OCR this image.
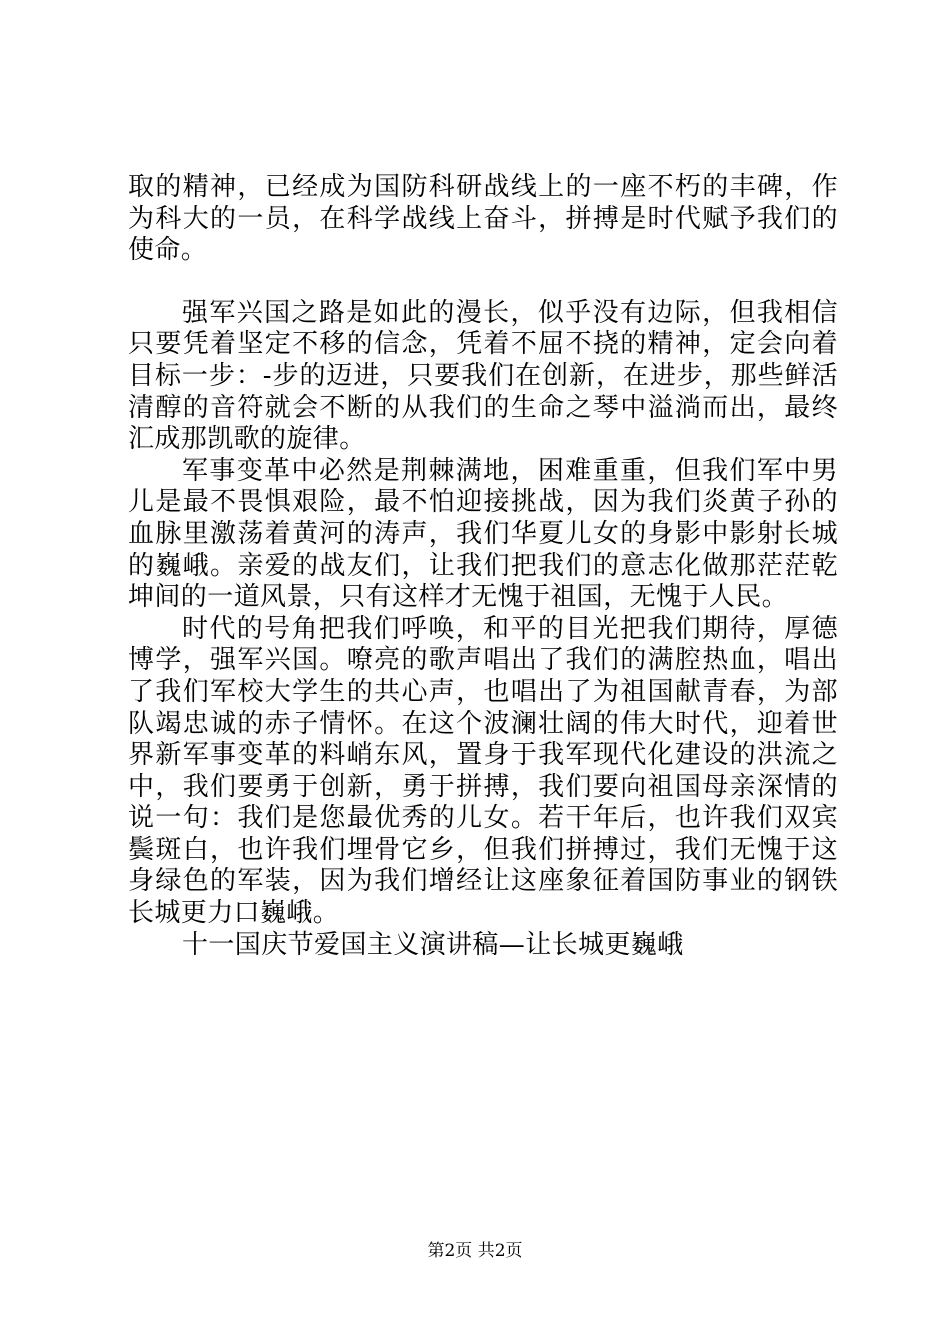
取的精神，已经成为国防科研战线上的一座不朽的丰碑，作为科大的一员，在科学战线上奋斗，拼搏是时代赋予我们的使命。

强军兴国之路是如此的漫长，似乎没有边际，但我相信只要凭着坚定不移的信念，凭着不屈不挠的精神，定会向着目标一步：-步的迈进，只要我们在创新，在进步，那些鲜活清醇的音符就会不断的从我们的生命之琴中溢淌而出，最终汇成那凯歌的旋律。

军事变革中必然是荆棘满地，困难重重，但我们军中男儿是最不畏惧艰险，最不怕迎接挑战，因为我们炎黄子孙的血脉里激荡着黄河的涛声，我们华夏儿女的身影中影射长城的巍峨。亲爱的战友们，让我们把我们的意志化做那茫茫乾坤间的一道风景，只有这样才无愧于祖国，无愧于人民。

时代的号角把我们呼唤，和平的目光把我们期待，厚德博学，强军兴国。嘹亮的歌声唱出了我们的满腔热血，唱出了我们军校大学生的共心声，也唱出了为祖国献青春，为部队竭忠诚的赤子情怀。在这个波澜壮阔的伟大时代，迎着世界新军事变革的料峭东风，置身于我军现代化建设的洪流之中，我们要勇于创新，勇于拼搏，我们要向祖国母亲深情的说一句：我们是您最优秀的儿女。若干年后，也许我们双宾鬓斑白，也许我们埋骨它乡，但我们拼搏过，我们无愧于这身绿色的军装，因为我们增经让这座象征着国防事业的钢铁长城更力口巍峨。

十一国庆节爱国主义演讲稿—让长城更巍峨

第2页 共2页
